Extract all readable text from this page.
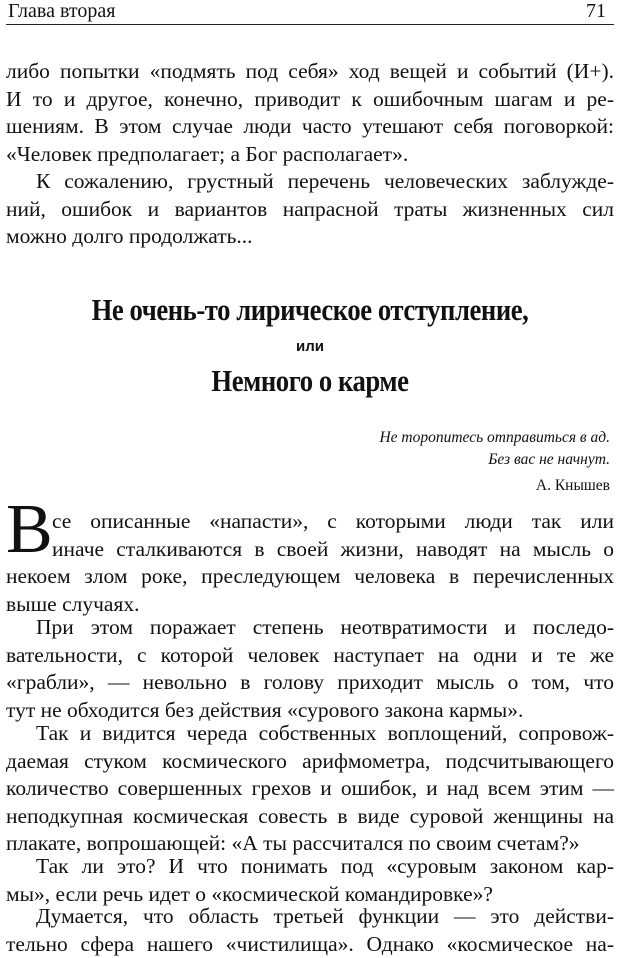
Глава вторая	71
либо попытки «подмять под себя» ход вещей и событий (И+).
И то и другое, конечно, приводит к ошибочным шагам и ре-
шениям. В этом случае люди часто утешают себя поговоркой:
«Человек предполагает; а Бог располагает».
К сожалению, грустный перечень человеческих заблужде-
ний, ошибок и вариантов напрасной траты жизненных сил
можно долго продолжать...
Не очень-то лирическое отступление,
или
Немного о карме
Не торопитесь отправиться в ад.
Без вас не начнут.
А. Кнышев
В се описанные «напасти», с которыми люди так или
иначе сталкиваются в своей жизни, наводят на мысль о
некоем злом роке, преследующем человека в перечисленных
выше случаях.
При этом поражает степень неотвратимости и последо-
вательности, с которой человек наступает на одни и те же
«грабли», — невольно в голову приходит мысль о том, что
тут не обходится без действия «сурового закона кармы».
Так и видится череда собственных воплощений, сопровож-
даемая стуком космического арифмометра, подсчитывающего
количество совершенных грехов и ошибок, и над всем этим —
неподкупная космическая совесть в виде суровой женщины на
плакате, вопрошающей: «А ты рассчитался по своим счетам?»
Так ли это? И что понимать под «суровым законом кар-
мы», если речь идет о «космической командировке»?
Думается, что область третьей функции — это действи-
тельно сфера нашего «чистилища». Однако «космическое на-
